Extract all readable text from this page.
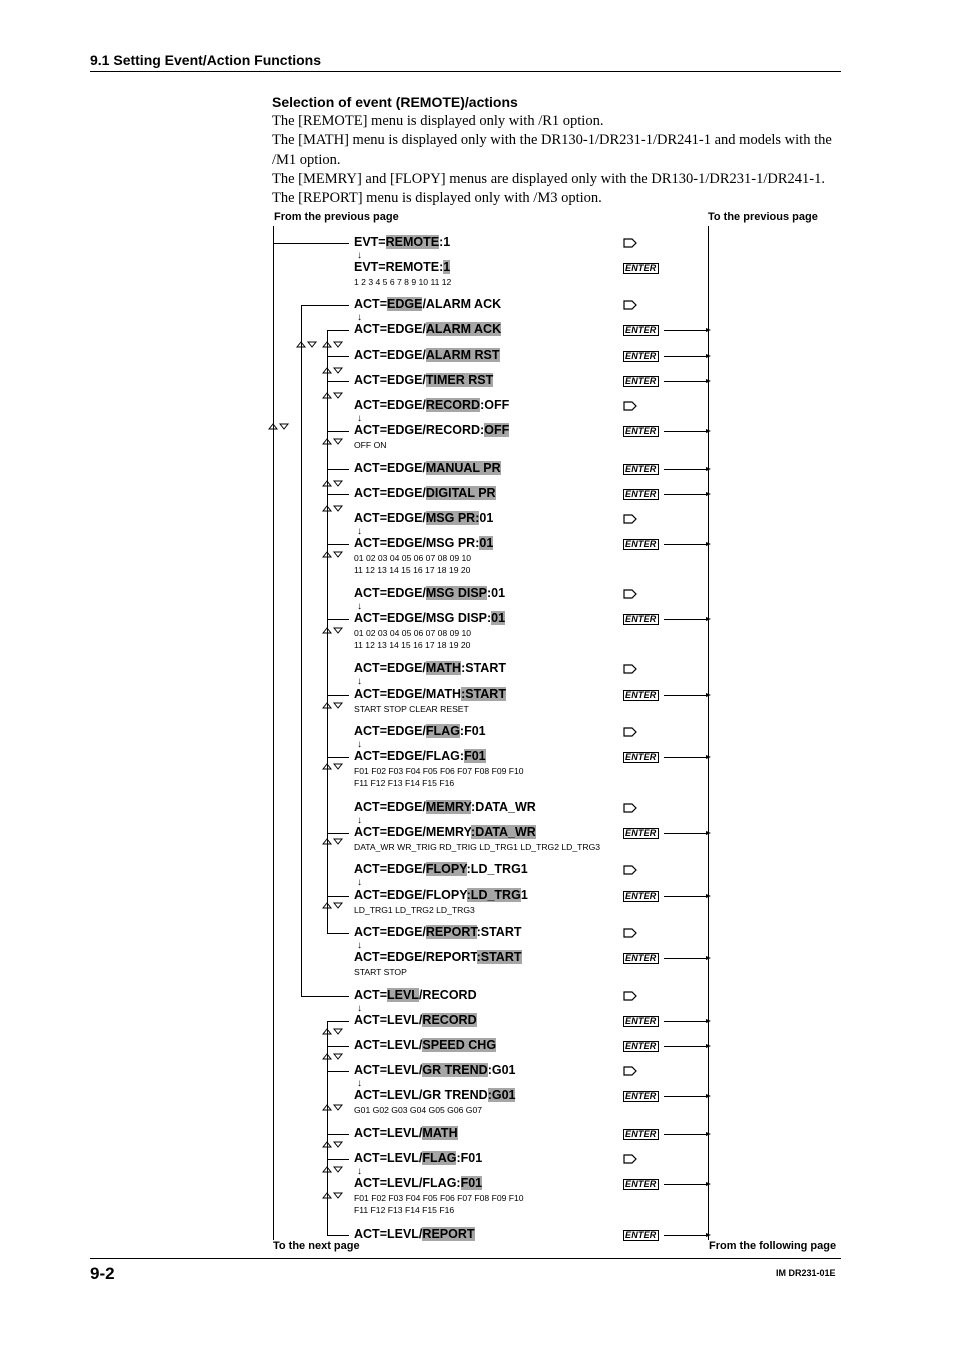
9.1 Setting Event/Action Functions
Selection of event (REMOTE)/actions
The [REMOTE] menu is displayed only with /R1 option.
The [MATH] menu is displayed only with the DR130-1/DR231-1/DR241-1 and models with the
/M1 option.
The [MEMRY] and [FLOPY] menus are displayed only with the DR130-1/DR231-1/DR241-1.
The [REPORT] menu is displayed only with /M3 option.
From the previous page	To the previous page
To the next page	From the following page
EVT=REMOTE:1
↓
EVT=REMOTE:1
1 2 3 4 5 6 7 8 9 10 11 12
ENTER
ACT=EDGE/ALARM ACK
↓
ACT=EDGE/ALARM ACK	ENTER
ACT=EDGE/ALARM RST	ENTER
ACT=EDGE/TIMER RST	ENTER
ACT=EDGE/RECORD:OFF
↓
ACT=EDGE/RECORD:OFF
OFF ON
ENTER
ACT=EDGE/MANUAL PR	ENTER
ACT=EDGE/DIGITAL PR	ENTER
ACT=EDGE/MSG PR:01
↓
ACT=EDGE/MSG PR:01
01 02 03 04 05 06 07 08 09 10
11 12 13 14 15 16 17 18 19 20
ENTER
ACT=EDGE/MSG DISP:01
↓
ACT=EDGE/MSG DISP:01
01 02 03 04 05 06 07 08 09 10
11 12 13 14 15 16 17 18 19 20
ENTER
ACT=EDGE/MATH:START
↓
ACT=EDGE/MATH:START
START STOP CLEAR RESET
ENTER
ACT=EDGE/FLAG:F01
↓
ACT=EDGE/FLAG:F01
F01 F02 F03 F04 F05 F06 F07 F08 F09 F10
F11 F12 F13 F14 F15 F16
ENTER
ACT=EDGE/MEMRY:DATA_WR
↓
ACT=EDGE/MEMRY:DATA_WR
DATA_WR WR_TRIG RD_TRIG LD_TRG1 LD_TRG2 LD_TRG3
ENTER
ACT=EDGE/FLOPY:LD_TRG1
↓
ACT=EDGE/FLOPY:LD_TRG1
LD_TRG1 LD_TRG2 LD_TRG3
ENTER
ACT=EDGE/REPORT:START
↓
ACT=EDGE/REPORT:START
START STOP
ENTER
ACT=LEVL/RECORD
↓
ACT=LEVL/RECORD	ENTER
ACT=LEVL/SPEED CHG	ENTER
ACT=LEVL/GR TREND:G01
↓
ACT=LEVL/GR TREND:G01
G01 G02 G03 G04 G05 G06 G07
ENTER
ACT=LEVL/MATH	ENTER
ACT=LEVL/FLAG:F01
↓
ACT=LEVL/FLAG:F01
F01 F02 F03 F04 F05 F06 F07 F08 F09 F10
F11 F12 F13 F14 F15 F16
ENTER
ACT=LEVL/REPORT	ENTER
9-2	IM DR231-01E
